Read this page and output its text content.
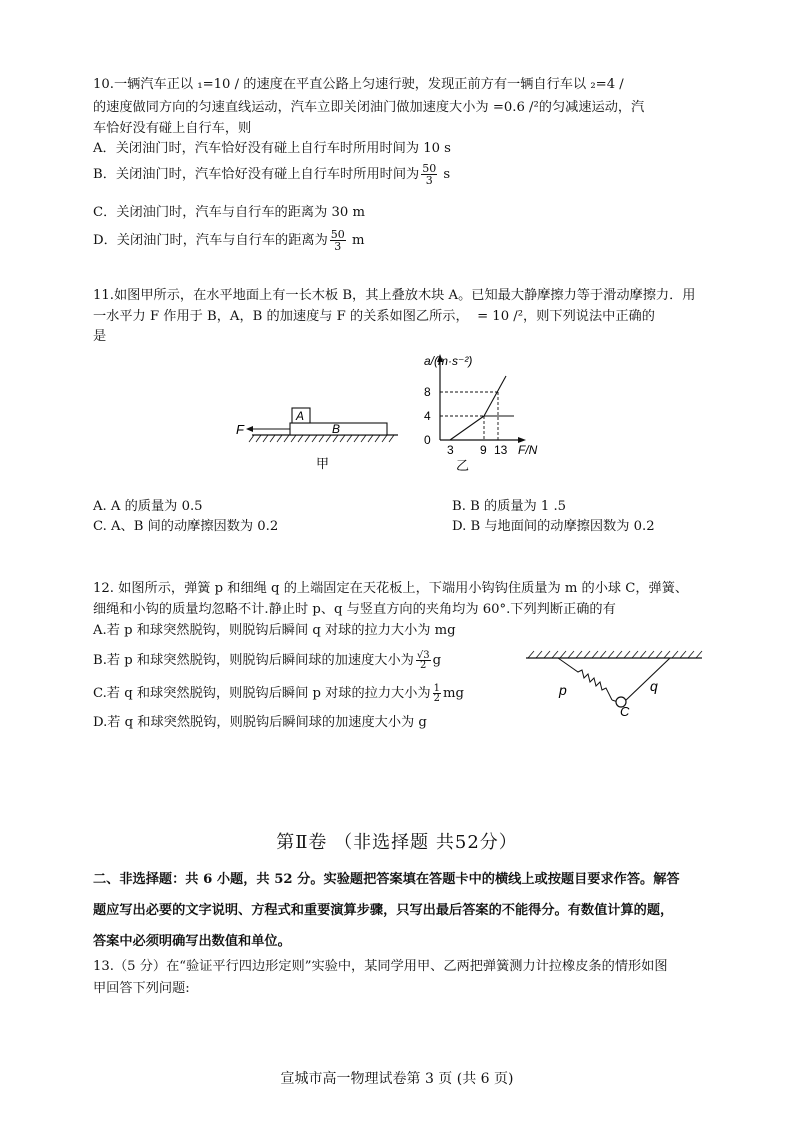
10.一辆汽车正以 ₁=10 / 的速度在平直公路上匀速行驶，发现正前方有一辆自行车以 ₂=4 /
的速度做同方向的匀速直线运动，汽车立即关闭油门做加速度大小为 =0.6 /²的匀减速运动，汽
车恰好没有碰上自行车，则
A．关闭油门时，汽车恰好没有碰上自行车时所用时间为 10 s
B．关闭油门时，汽车恰好没有碰上自行车时所用时间为 $\frac{50}{3}$ s
C．关闭油门时，汽车与自行车的距离为 30 m
D．关闭油门时，汽车与自行车的距离为 $\frac{50}{3}$ m
11.如图甲所示，在水平地面上有一长木板 B，其上叠放木块 A。已知最大静摩擦力等于滑动摩擦力．用
一水平力 F 作用于 B，A，B 的加速度与 F 的关系如图乙所示， = 10 /²，则下列说法中正确的
是
F
A
B
甲
a/(m·s⁻²)
F/N
8
4
0
3 9 13
乙
A. A 的质量为 0.5	B. B 的质量为 1 .5
C. A、B 间的动摩擦因数为 0.2	D. B 与地面间的动摩擦因数为 0.2
12. 如图所示，弹簧 p 和细绳 q 的上端固定在天花板上，下端用小钩钩住质量为 m 的小球 C，弹簧、
细绳和小钩的质量均忽略不计.静止时 p、q 与竖直方向的夹角均为 60°.下列判断正确的有
A.若 p 和球突然脱钩，则脱钩后瞬间 q 对球的拉力大小为 mg
B.若 p 和球突然脱钩，则脱钩后瞬间球的加速度大小为 $\frac{√3}{2}$ g
C.若 q 和球突然脱钩，则脱钩后瞬间 p 对球的拉力大小为 $\frac{1}{2}$ mg
D.若 q 和球突然脱钩，则脱钩后瞬间球的加速度大小为 g
p	q
C
第Ⅱ卷 （非选择题 共52分）
二、非选择题：共 6 小题，共 52 分。实验题把答案填在答题卡中的横线上或按题目要求作答。解答
题应写出必要的文字说明、方程式和重要演算步骤，只写出最后答案的不能得分。有数值计算的题，
答案中必须明确写出数值和单位。
13.（5 分）在“验证平行四边形定则”实验中，某同学用甲、乙两把弹簧测力计拉橡皮条的情形如图
甲回答下列问题:
宣城市高一物理试卷第 3 页 (共 6 页)
